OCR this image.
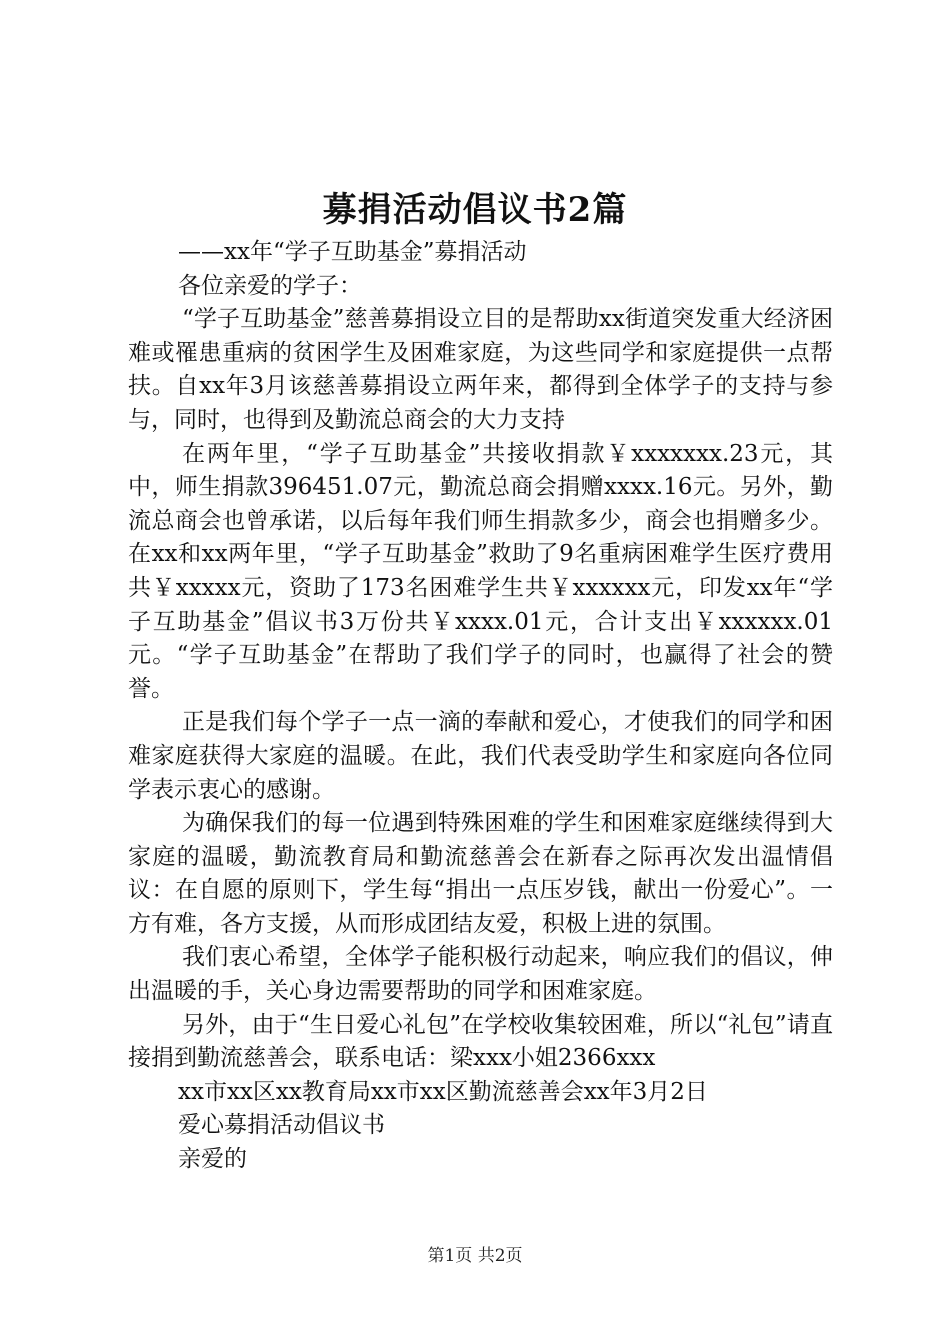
募捐活动倡议书2篇

——xx年“学子互助基金”募捐活动

各位亲爱的学子：

“学子互助基金”慈善募捐设立目的是帮助xx街道突发重大经济困难或罹患重病的贫困学生及困难家庭，为这些同学和家庭提供一点帮扶。自xx年3月该慈善募捐设立两年来，都得到全体学子的支持与参与，同时，也得到及勤流总商会的大力支持

在两年里，“学子互助基金”共接收捐款￥xxxxxxx.23元，其中，师生捐款396451.07元，勤流总商会捐赠xxxx.16元。另外，勤流总商会也曾承诺，以后每年我们师生捐款多少，商会也捐赠多少。在xx和xx两年里，“学子互助基金”救助了9名重病困难学生医疗费用共￥xxxxx元，资助了173名困难学生共￥xxxxxx元，印发xx年“学子互助基金”倡议书3万份共￥xxxx.01元，合计支出￥xxxxxx.01元。“学子互助基金”在帮助了我们学子的同时，也赢得了社会的赞誉。

正是我们每个学子一点一滴的奉献和爱心，才使我们的同学和困难家庭获得大家庭的温暖。在此，我们代表受助学生和家庭向各位同学表示衷心的感谢。

为确保我们的每一位遇到特殊困难的学生和困难家庭继续得到大家庭的温暖，勤流教育局和勤流慈善会在新春之际再次发出温情倡议：在自愿的原则下，学生每“捐出一点压岁钱，献出一份爱心”。一方有难，各方支援，从而形成团结友爱，积极上进的氛围。

我们衷心希望，全体学子能积极行动起来，响应我们的倡议，伸出温暖的手，关心身边需要帮助的同学和困难家庭。

另外，由于“生日爱心礼包”在学校收集较困难，所以“礼包”请直接捐到勤流慈善会，联系电话：梁xxx小姐2366xxx

xx市xx区xx教育局xx市xx区勤流慈善会xx年3月2日

爱心募捐活动倡议书

亲爱的

第1页 共2页
